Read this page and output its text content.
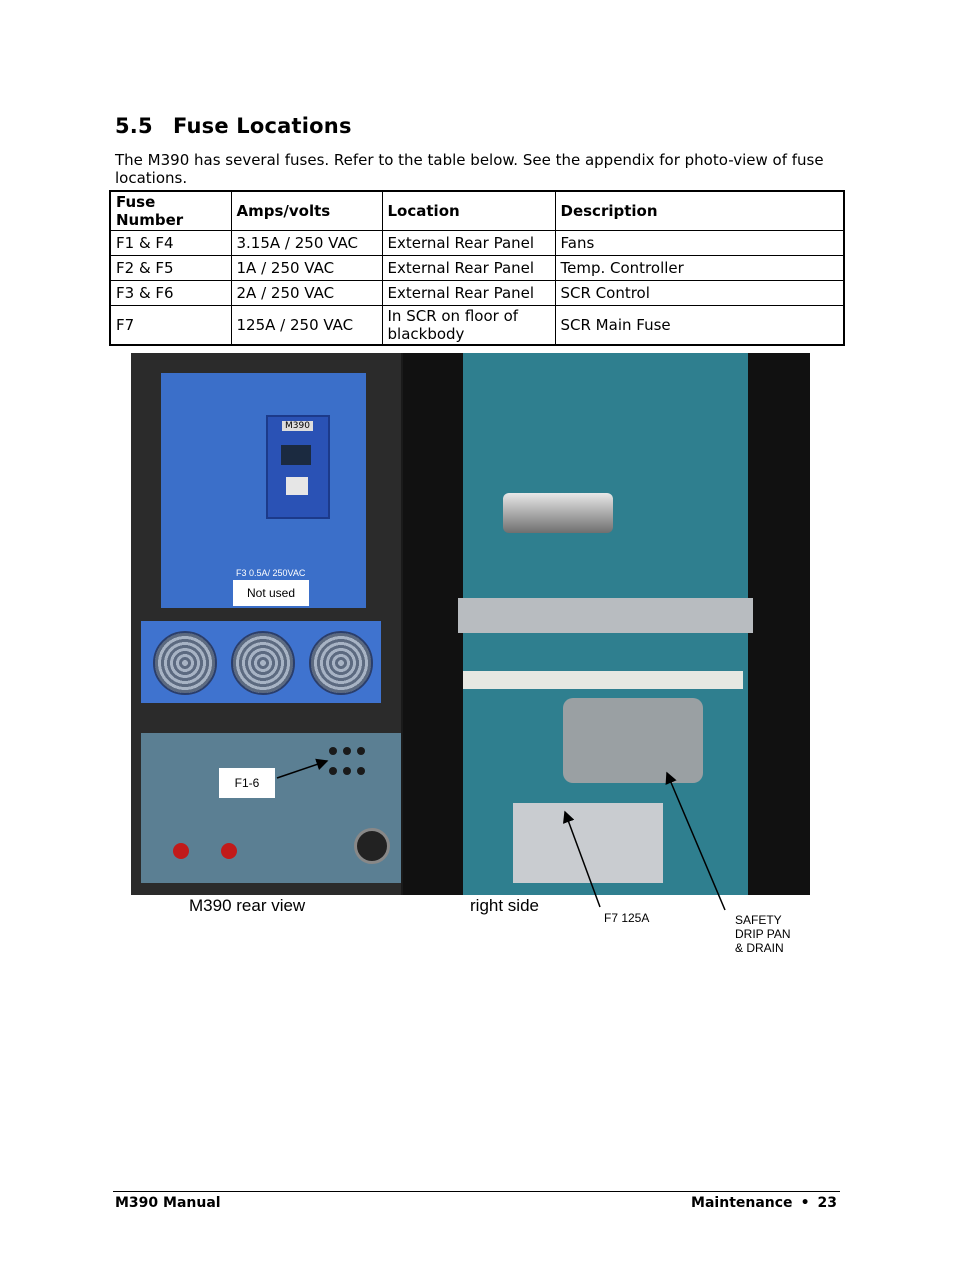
5.5 Fuse Locations

The M390 has several fuses. Refer to the table below. See the appendix for photo-view of fuse locations.

Fuse Number	Amps/volts	Location	Description
F1 & F4	3.15A / 250 VAC	External Rear Panel	Fans
F2 & F5	1A / 250 VAC	External Rear Panel	Temp. Controller
F3 & F6	2A / 250 VAC	External Rear Panel	SCR Control
F7	125A / 250 VAC	In SCR on floor of blackbody	SCR Main Fuse
M390
F3 0.5A/ 250VAC
Not used
F1-6
M390 rear view	right side
F7 125A	SAFETY
DRIP PAN
& DRAIN
M390 Manual	Maintenance • 23
